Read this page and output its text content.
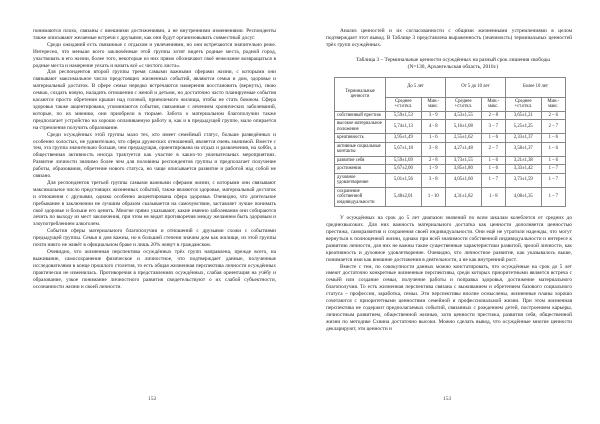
понимаются плохо, связаны с внешними достижениями, а не внутренними изменениями. Респонденты также описывают желаемые встречи с друзьями, как они будут организовывать совместный досуг.

Среди ожиданий есть связанные с отдыхом и увлечениями, но они встречаются значительно реже. Интересно, что меньше всего заключённые этой группы хотят видеть родные места, родной город, участвовать в его жизни, более того, некоторые из них прямо обозначают своё нежелание возвращаться в родные места и намерение уехать и начать всё «с чистого листа».

Для респондентов второй группы тремя самыми важными сферами жизни, с которыми они связывают максимальное число предстоящих жизненных событий, являются семья и дом, здоровье и материальный достаток. В сфере семьи нередко встречаются намерения восстановить (вернуть), свою семью, создать новую, наладить отношения с женой и детьми, но достаточно часто планируемые события касаются просто обретения крыши над головой, приемлемого жилища, чтобы не стать бомжом. Сфера здоровья также акцентирована, упоминаются события, связанные с лечением хронических заболеваний, которые, по их мнению, они приобрели в тюрьме. Забота о материальном благополучии также предполагает устройство на хорошо оплачиваемую работу и, как и в предыдущей группе, мало опирается на стремления получить образование.

Среди осуждённых этой группы мало тех, кто имеет семейный статус, больше разведённых и особенно холостых, не удивительно, что сфера дружеских отношений, является очень значимой. Вместе с тем, эта группа значительно больше, чем предыдущая, ориентирована на отдых и развлечения, на хобби, а общественная активность иногда трактуется как участие в каких-то увлекательных мероприятиях. Развитие личности значимо более чем для половины респондентов группы и предполагает получение работы, образования, обретение нового статуса, но чаще описывается развитие и работой над собой не связано.

Для респондентов третьей группы самыми важными сферами жизни, с которыми они связывают максимальное число предстоящих жизненных событий, также являются здоровье, материальный достаток и отношения с друзьями, однако особенно акцентирована сфера здоровья. Очевидно, что длительное пребывание в заключении не лучшим образом сказывается на самочувствии, заставляет лучше понимать своё здоровье и больше его ценить. Многие прямо указывают, какие именно заболевания они собираются лечить по выходу из мест заключения, при этом не видят противоречия между желанием быть здоровым и злоупотреблением алкоголем.

События сферы материального благополучия и отношений с друзьями схожи с событиями предыдущей группы. Семья и дом важны, но в большей степени значим дом как жилище, из этой группы почти никто не живёт в официальном браке и лишь 20% живут в гражданском.

Очевидно, что жизненная перспектива осуждённых трёх групп направлена, прежде всего, на выживание, самосохранение физическое и личностное, что подтверждает данные, полученные исследователями в конце прошлого столетия, то есть общая жизненная перспектива личности осуждённых практически не изменилась. Противоречия в представлениях осуждённых, слабая ориентация на учёбу и образование, узкое понимание личностного развития свидетельствуют о их слабой субъектности, осознанности жизни и своей личности.

152

Анализ ценностей и их согласованности с общими жизненными устремлениями в целом подтверждает этот вывод. В Таблице 3 представлена выраженность (значимость) терминальных ценностей трёх групп осуждённых.

Таблица 3 – Терминальные ценности осуждённых на разный срок лишения свободы
(N=130, Архангельская область, 2016г.)
Терминальные ценности	До 5 лет		От 5 до 10 лет		Более 10 лет	
	Среднее +ст.откл.	Мин.-макс.	Среднее +ст.откл.	Мин.-макс.	Среднее +ст.откл.	Мин.-макс.
собственный престиж	5,59±1,53	3 - 9	4,53±1,55	2 – 8	3,65±1,21	2 – 6
высокое материальное положение	5,74±1,13	4 - 8	5,16±1,08	3 – 7	5,25±1,25	2 – 7
креативность	3,95±1,49	1 - 6	2,55±1,62	1 – 6	2,33±1,37	1 – 6
активные социальные контакты	5,67±1,18	3 - 8	4,27±1,48	2 – 7	3,58±1,37	1 – 6
развитие себя	5,59±1,69	2 - 8	3,73±1,55	1 – 6	3,21±1,38	1 – 6
достижения	5,67±2,00	1 - 9	3,85±1,80	1 – 6	3,33±1,42	1 – 7
духовное удовлетворение	5,01±1,56	3 - 8	4,05±1,60	1 – 7	3,73±1,59	1 – 7
сохранение собственной индивидуальности	5,48±2,01	1 - 10	4,31±1,82	1 - 8	4,08±1,35	1 – 7

У осуждённых на срок до 5 лет диапазон значений по всем шкалам колеблется от средних до среднехвысоких. Для них важность материального достатка как ценности дополняется ценностью престижа, саморазвития и сохранения своей индивидуальности. Они ещё не утратили надежды, что могут вернуться к полноценной жизни, однако при всей значимости собственной индивидуальности и интересе к развитию личности, для них не важны такие существенные характеристики развитой, зрелой личности, как креативность и духовное удовлетворение. Очевидно, что личностное развитие, как указывалось выше, понимается ими как внешние достижения в деятельности, а не как внутренний рост.

Вместе с тем, по совокупности данных можно констатировать, что осуждённые на срок до 5 лет имеют достаточно конкретные жизненные перспективы, среди которых приоритетными является встреча с семьёй или создание семьи, получение работы и поправка здоровья, достижение материального благополучия. То есть жизненная перспектива связана с выживанием и обретением базового социального статуса – профессии, заработка, семьи. Эти перспективы вполне осмыслены, жизненные планы хорошо сочетаются с приоритетными ценностями семейной и профессиональной жизни. При этом жизненная перспектива не содержит предполагаемых событий, связанных с рождением детей, построением карьеры, личностным развитием, общественной жизнью, хотя ценности престижа, развития себя, общественной жизни по методике Схвина достаточно высоки. Можно сделать вывод, что осуждённые многие ценности декларируют, эти ценности и

153
